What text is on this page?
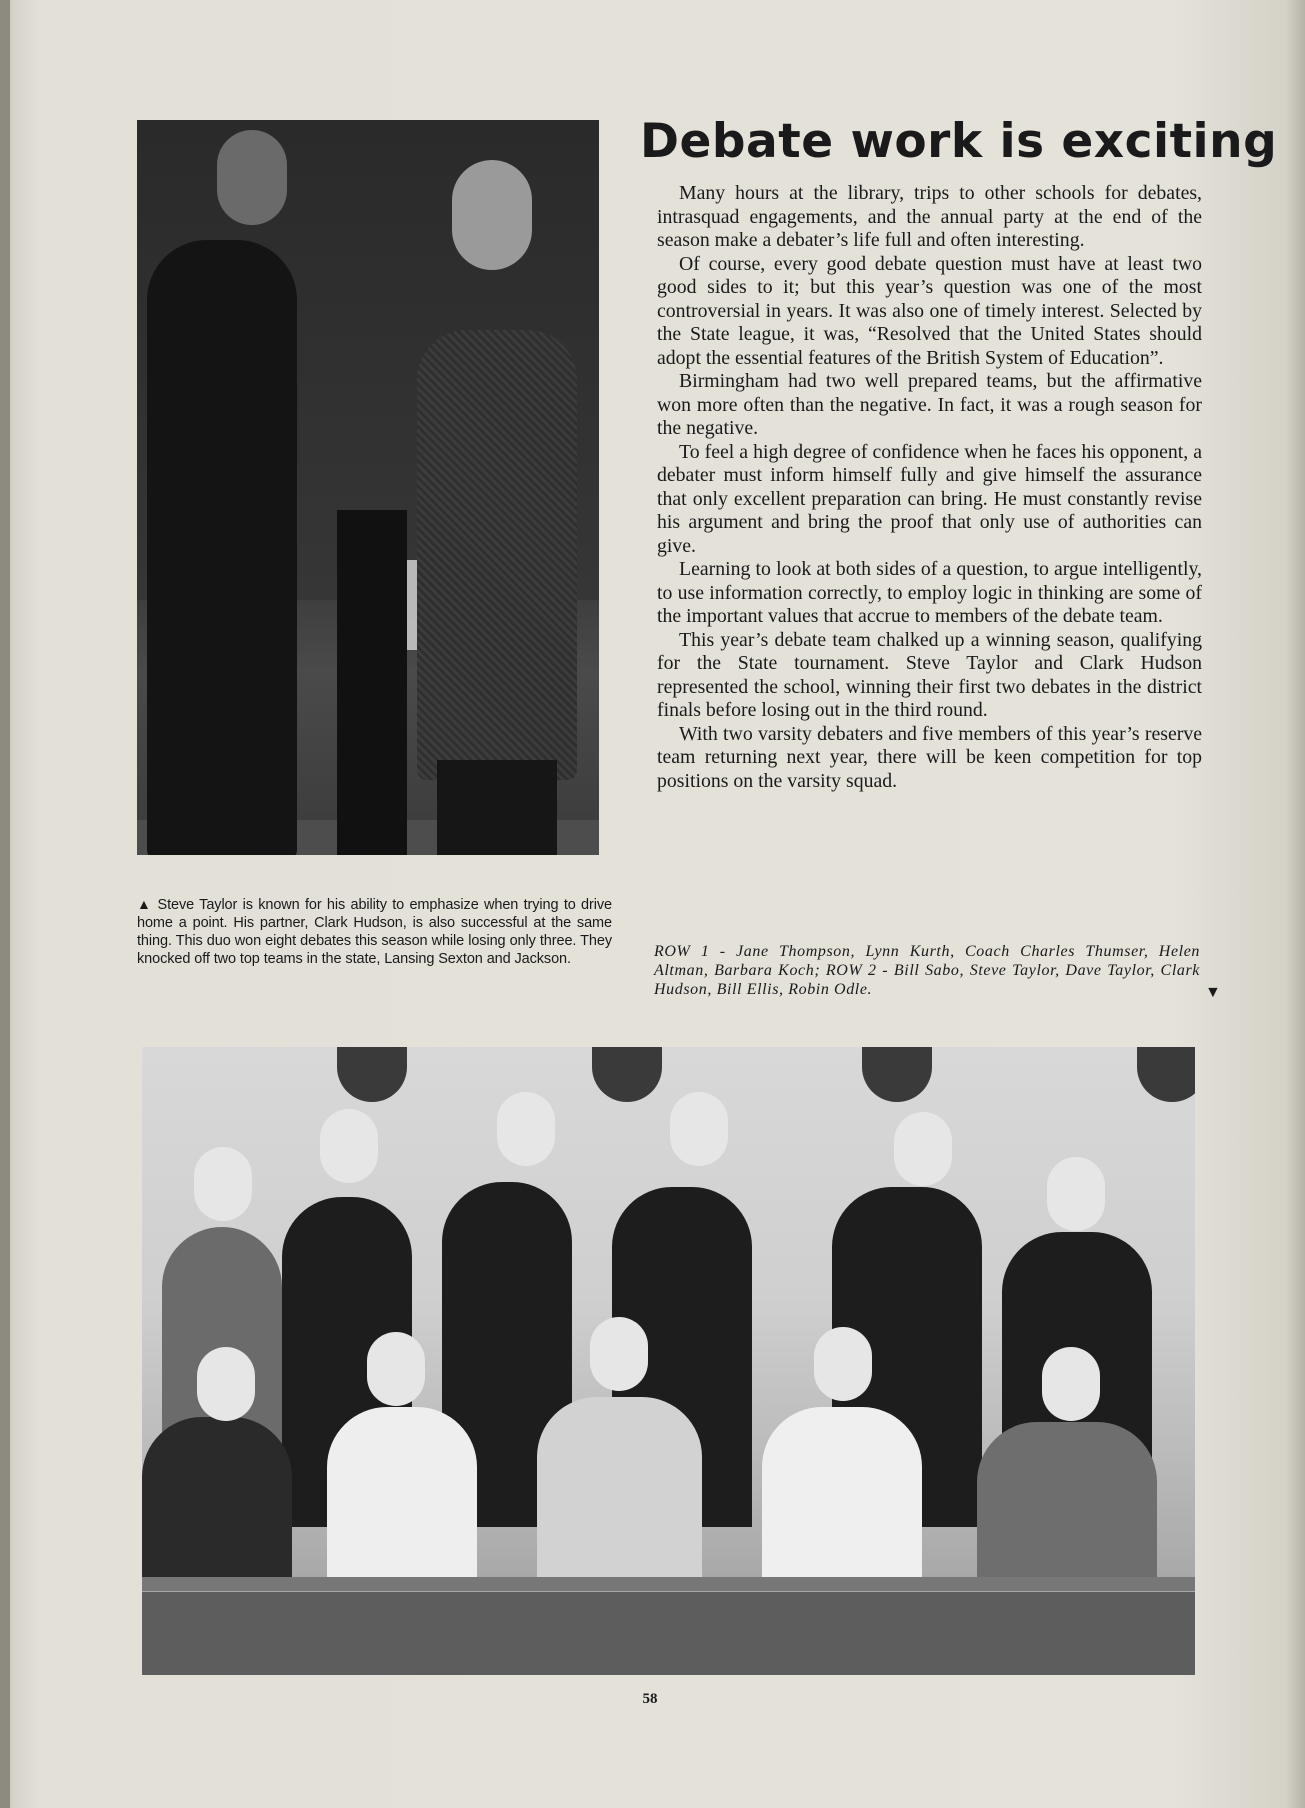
▲ Steve Taylor is known for his ability to emphasize when trying to drive home a point. His partner, Clark Hudson, is also successful at the same thing. This duo won eight debates this season while losing only three. They knocked off two top teams in the state, Lansing Sexton and Jackson.
Debate work is exciting

Many hours at the library, trips to other schools for debates, intrasquad engagements, and the annual party at the end of the season make a debater’s life full and often interesting.

Of course, every good debate question must have at least two good sides to it; but this year’s question was one of the most controversial in years. It was also one of timely interest. Selected by the State league, it was, “Resolved that the United States should adopt the essential features of the British System of Education”.

Birmingham had two well prepared teams, but the affirmative won more often than the negative. In fact, it was a rough season for the negative.

To feel a high degree of confidence when he faces his opponent, a debater must inform himself fully and give himself the assurance that only excellent preparation can bring. He must constantly revise his argument and bring the proof that only use of authorities can give.

Learning to look at both sides of a question, to argue intelligently, to use information correctly, to employ logic in thinking are some of the important values that accrue to members of the debate team.

This year’s debate team chalked up a winning season, qualifying for the State tournament. Steve Taylor and Clark Hudson represented the school, winning their first two debates in the district finals before losing out in the third round.

With two varsity debaters and five members of this year’s reserve team returning next year, there will be keen competition for top positions on the varsity squad.

ROW 1 - Jane Thompson, Lynn Kurth, Coach Charles Thumser, Helen Altman, Barbara Koch; ROW 2 - Bill Sabo, Steve Taylor, Dave Taylor, Clark Hudson, Bill Ellis, Robin Odle.	▼
58
